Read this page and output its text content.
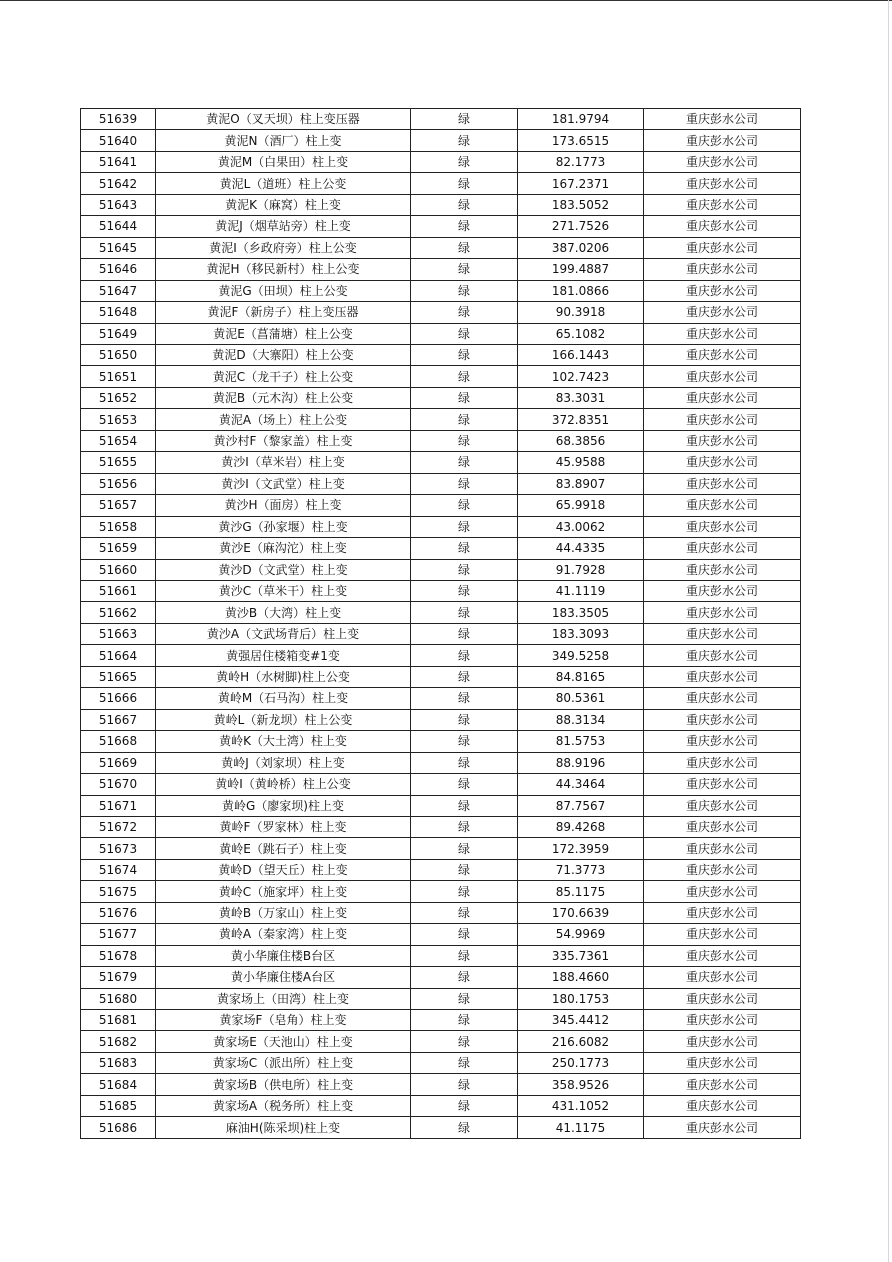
51639	黄泥O（叉天坝）柱上变压器	绿	181.9794	重庆彭水公司
51640	黄泥N（酒厂）柱上变	绿	173.6515	重庆彭水公司
51641	黄泥M（白果田）柱上变	绿	82.1773	重庆彭水公司
51642	黄泥L（道班）柱上公变	绿	167.2371	重庆彭水公司
51643	黄泥K（麻窝）柱上变	绿	183.5052	重庆彭水公司
51644	黄泥J（烟草站旁）柱上变	绿	271.7526	重庆彭水公司
51645	黄泥I（乡政府旁）柱上公变	绿	387.0206	重庆彭水公司
51646	黄泥H（移民新村）柱上公变	绿	199.4887	重庆彭水公司
51647	黄泥G（田坝）柱上公变	绿	181.0866	重庆彭水公司
51648	黄泥F（新房子）柱上变压器	绿	90.3918	重庆彭水公司
51649	黄泥E（菖蒲塘）柱上公变	绿	65.1082	重庆彭水公司
51650	黄泥D（大寨阳）柱上公变	绿	166.1443	重庆彭水公司
51651	黄泥C（龙干子）柱上公变	绿	102.7423	重庆彭水公司
51652	黄泥B（元木沟）柱上公变	绿	83.3031	重庆彭水公司
51653	黄泥A（场上）柱上公变	绿	372.8351	重庆彭水公司
51654	黄沙村F（黎家盖）柱上变	绿	68.3856	重庆彭水公司
51655	黄沙I（草米岩）柱上变	绿	45.9588	重庆彭水公司
51656	黄沙I（文武堂）柱上变	绿	83.8907	重庆彭水公司
51657	黄沙H（面房）柱上变	绿	65.9918	重庆彭水公司
51658	黄沙G（孙家堰）柱上变	绿	43.0062	重庆彭水公司
51659	黄沙E（麻沟沱）柱上变	绿	44.4335	重庆彭水公司
51660	黄沙D（文武堂）柱上变	绿	91.7928	重庆彭水公司
51661	黄沙C（草米干）柱上变	绿	41.1119	重庆彭水公司
51662	黄沙B（大湾）柱上变	绿	183.3505	重庆彭水公司
51663	黄沙A（文武场背后）柱上变	绿	183.3093	重庆彭水公司
51664	黄强居住楼箱变#1变	绿	349.5258	重庆彭水公司
51665	黄岭H（水树脚)柱上公变	绿	84.8165	重庆彭水公司
51666	黄岭M（石马沟）柱上变	绿	80.5361	重庆彭水公司
51667	黄岭L（新龙坝）柱上公变	绿	88.3134	重庆彭水公司
51668	黄岭K（大土湾）柱上变	绿	81.5753	重庆彭水公司
51669	黄岭J（刘家坝）柱上变	绿	88.9196	重庆彭水公司
51670	黄岭I（黄岭桥）柱上公变	绿	44.3464	重庆彭水公司
51671	黄岭G（廖家坝)柱上变	绿	87.7567	重庆彭水公司
51672	黄岭F（罗家林）柱上变	绿	89.4268	重庆彭水公司
51673	黄岭E（跳石子）柱上变	绿	172.3959	重庆彭水公司
51674	黄岭D（望天丘）柱上变	绿	71.3773	重庆彭水公司
51675	黄岭C（施家坪）柱上变	绿	85.1175	重庆彭水公司
51676	黄岭B（万家山）柱上变	绿	170.6639	重庆彭水公司
51677	黄岭A（秦家湾）柱上变	绿	54.9969	重庆彭水公司
51678	黄小华廉住楼B台区	绿	335.7361	重庆彭水公司
51679	黄小华廉住楼A台区	绿	188.4660	重庆彭水公司
51680	黄家场上（田湾）柱上变	绿	180.1753	重庆彭水公司
51681	黄家场F（皂角）柱上变	绿	345.4412	重庆彭水公司
51682	黄家场E（天池山）柱上变	绿	216.6082	重庆彭水公司
51683	黄家场C（派出所）柱上变	绿	250.1773	重庆彭水公司
51684	黄家场B（供电所）柱上变	绿	358.9526	重庆彭水公司
51685	黄家场A（税务所）柱上变	绿	431.1052	重庆彭水公司
51686	麻油H(陈采坝)柱上变	绿	41.1175	重庆彭水公司
